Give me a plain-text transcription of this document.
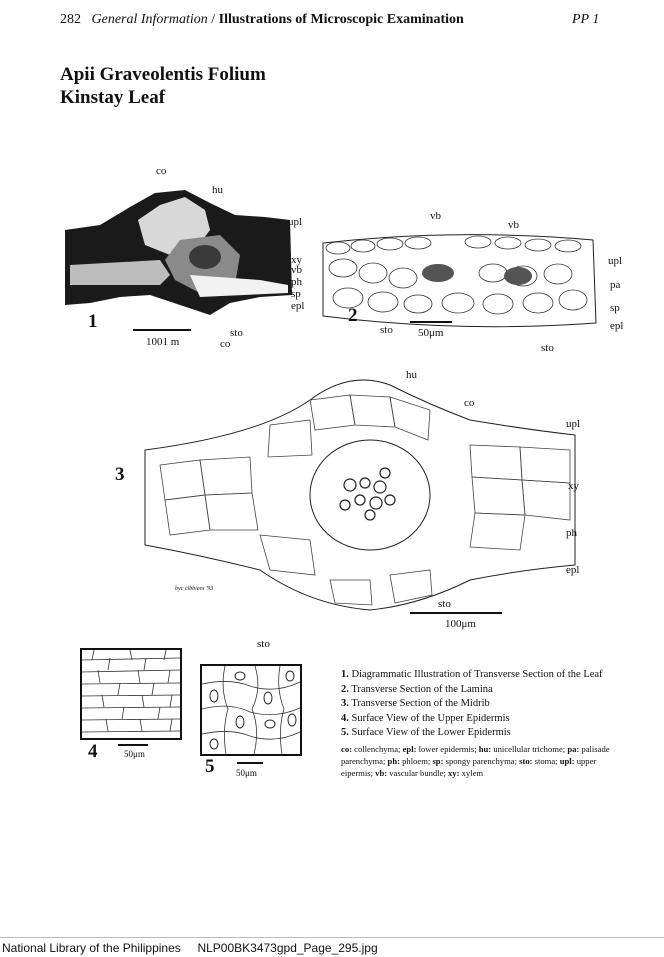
282 General Information / Illustrations of Microscopic Examination	PP 1
Apii Graveolentis Folium
Kinstay Leaf
co
hu
upl
xy
vb
ph
sp
epl
sto
co
1
1001 m
vb
vb
upl
pa
sp
epl
sto
sto
2
50μm
hu
co
upl
xy
ph
epl
sto
3
byc cibbiees '93
100μm
4	50μm
sto
5 50μm
1. Diagrammatic Illustration of Transverse Section of the Leaf
2. Transverse Section of the Lamina
3. Transverse Section of the Midrib
4. Surface View of the Upper Epidermis
5. Surface View of the Lower Epidermis
co: collenchyma; epl: lower epidermis; hu: unicellular trichome; pa: palisade parenchyma; ph: phloem; sp: spongy parenchyma; sto: stoma; upl: upper eipermis; vb: vascular bundle; xy: xylem
National Library of the Philippines NLP00BK3473gpd_Page_295.jpg
